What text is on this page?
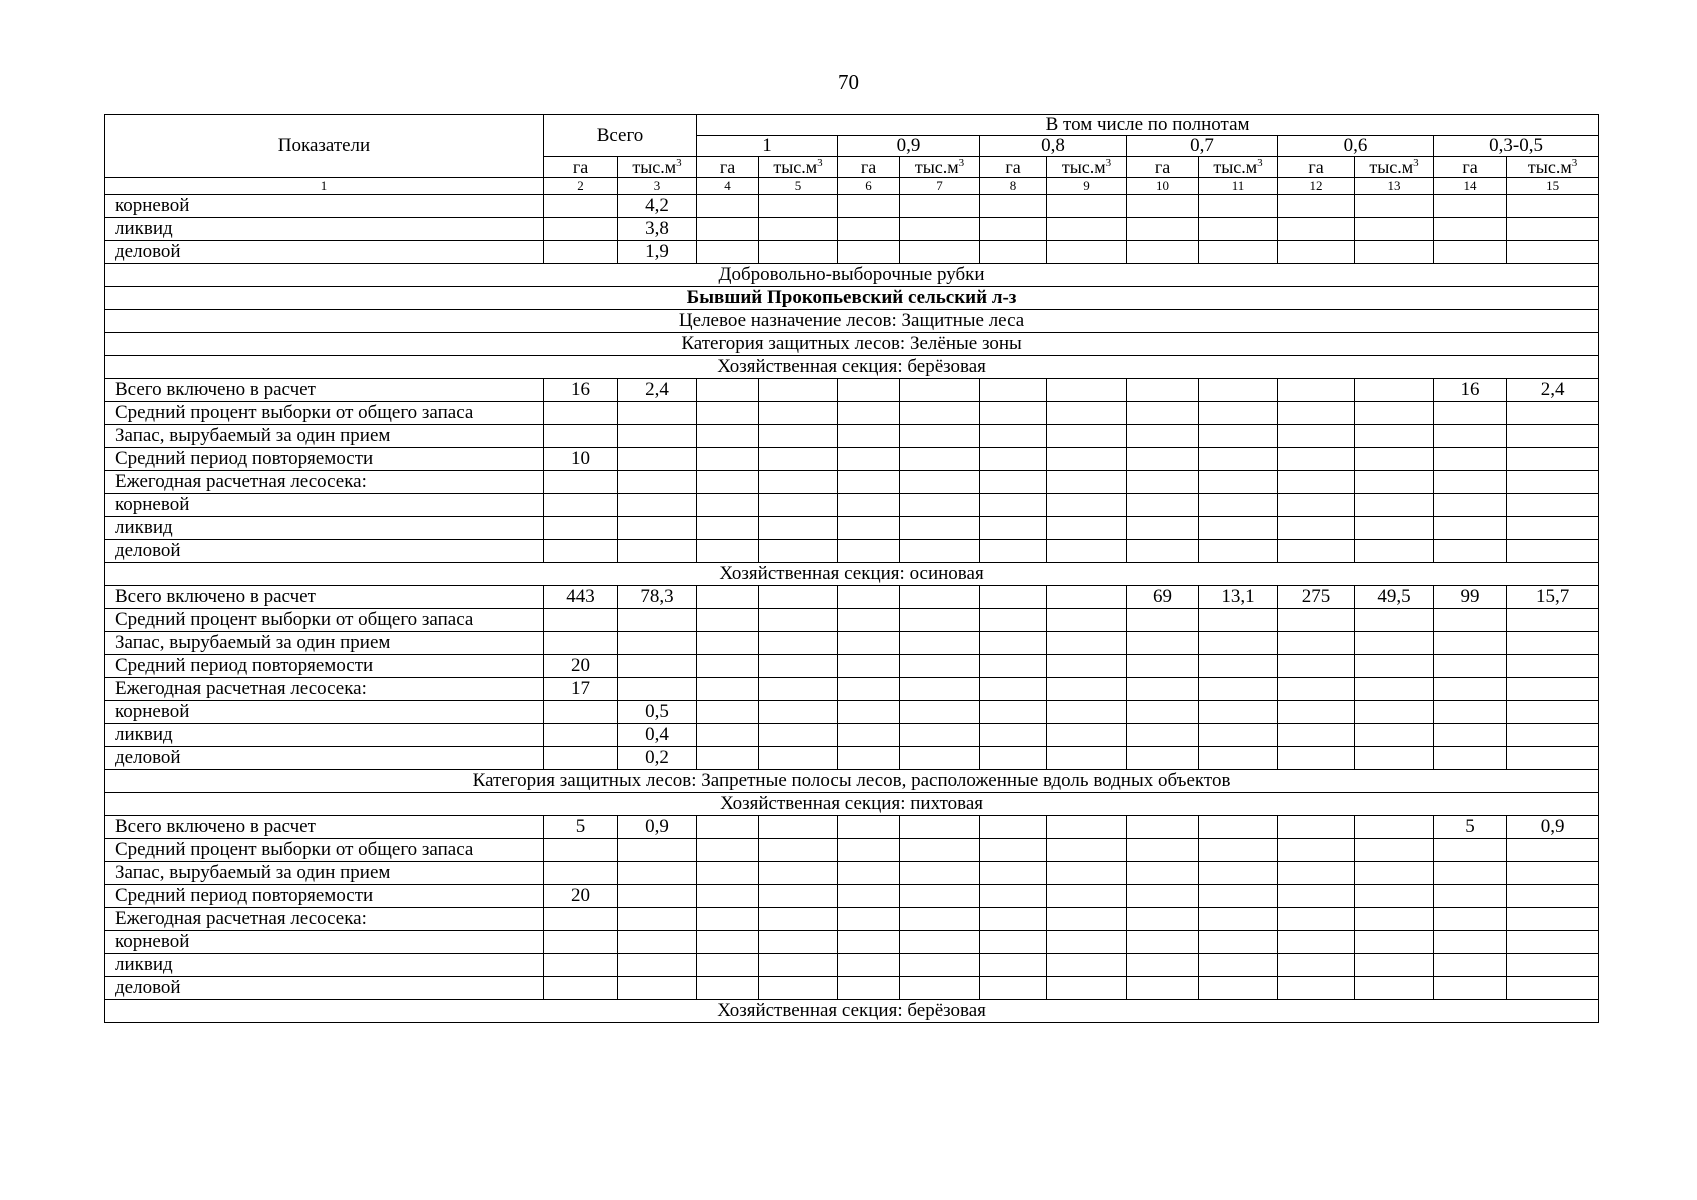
70
Показатели	Всего		В том числе по полнотам											
			1		0,9		0,8		0,7		0,6		0,3-0,5	
	га	$тыс.м^3$	га	$тыс.м^3$	га	$тыс.м^3$	га	$тыс.м^3$	га	$тыс.м^3$	га	$тыс.м^3$	га	$тыс.м^3$
1	2	3	4	5	6	7	8	9	10	11	12	13	14	15
корневой		4,2												
ликвид		3,8												
деловой		1,9												
Добровольно-выборочные рубки														
Бывший Прокопьевский сельский л-з														
Целевое назначение лесов: Защитные леса														
Категория защитных лесов: Зелёные зоны														
Хозяйственная секция: берёзовая														
Всего включено в расчет	16	2,4											16	2,4
Средний процент выборки от общего запаса														
Запас, вырубаемый за один прием														
Средний период повторяемости	10													
Ежегодная расчетная лесосека:														
корневой														
ликвид														
деловой														
Хозяйственная секция: осиновая														
Всего включено в расчет	443	78,3							69	13,1	275	49,5	99	15,7
Средний процент выборки от общего запаса														
Запас, вырубаемый за один прием														
Средний период повторяемости	20													
Ежегодная расчетная лесосека:	17													
корневой		0,5												
ликвид		0,4												
деловой		0,2												
Категория защитных лесов: Запретные полосы лесов, расположенные вдоль водных объектов														
Хозяйственная секция: пихтовая														
Всего включено в расчет	5	0,9											5	0,9
Средний процент выборки от общего запаса														
Запас, вырубаемый за один прием														
Средний период повторяемости	20													
Ежегодная расчетная лесосека:														
корневой														
ликвид														
деловой														
Хозяйственная секция: берёзовая														
